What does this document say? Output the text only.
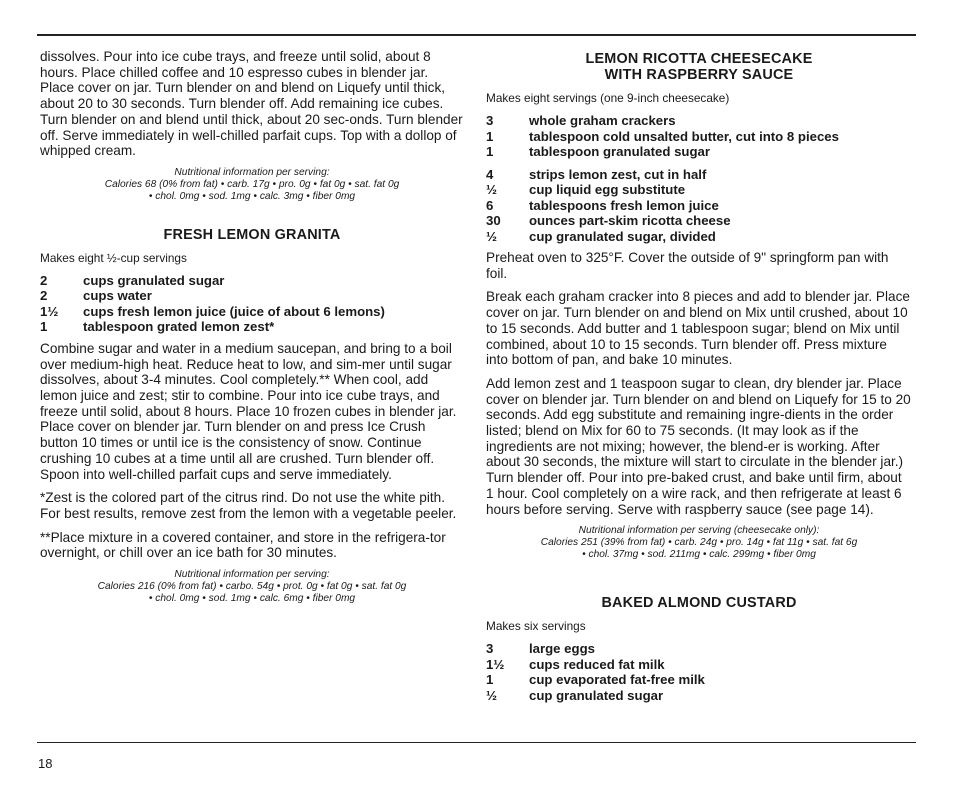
dissolves. Pour into ice cube trays, and freeze until solid, about 8 hours. Place chilled coffee and 10 espresso cubes in blender jar. Place cover on jar. Turn blender on and blend on Liquefy until thick, about 20 to 30 seconds. Turn blender off. Add remaining ice cubes. Turn blender on and blend until thick, about 20 sec-onds. Turn blender off. Serve immediately in well-chilled parfait cups. Top with a dollop of whipped cream.

Nutritional information per serving:
Calories 68 (0% from fat) • carb. 17g • pro. 0g • fat 0g • sat. fat 0g
• chol. 0mg • sod. 1mg • calc. 3mg • fiber 0mg
FRESH LEMON GRANITA
Makes eight ½-cup servings
2	cups granulated sugar
2	cups water
1½	cups fresh lemon juice (juice of about 6 lemons)
1	tablespoon grated lemon zest*

Combine sugar and water in a medium saucepan, and bring to a boil over medium-high heat. Reduce heat to low, and sim-mer until sugar dissolves, about 3-4 minutes. Cool completely.** When cool, add lemon juice and zest; stir to combine. Pour into ice cube trays, and freeze until solid, about 8 hours. Place 10 frozen cubes in blender jar. Place cover on blender jar. Turn blender on and press Ice Crush button 10 times or until ice is the consistency of snow. Continue crushing 10 cubes at a time until all are crushed. Turn blender off. Spoon into well-chilled parfait cups and serve immediately.

*Zest is the colored part of the citrus rind. Do not use the white pith. For best results, remove zest from the lemon with a vegetable peeler.

**Place mixture in a covered container, and store in the refrigera-tor overnight, or chill over an ice bath for 30 minutes.

Nutritional information per serving:
Calories 216 (0% from fat) • carbo. 54g • prot. 0g • fat 0g • sat. fat 0g
• chol. 0mg • sod. 1mg • calc. 6mg • fiber 0mg
LEMON RICOTTA CHEESECAKE
WITH RASPBERRY SAUCE
Makes eight servings (one 9-inch cheesecake)
3	whole graham crackers
1	tablespoon cold unsalted butter, cut into 8 pieces
1	tablespoon granulated sugar
4	strips lemon zest, cut in half
½	cup liquid egg substitute
6	tablespoons fresh lemon juice
30	ounces part-skim ricotta cheese
½	cup granulated sugar, divided

Preheat oven to 325°F. Cover the outside of 9" springform pan with foil.

Break each graham cracker into 8 pieces and add to blender jar. Place cover on jar. Turn blender on and blend on Mix until crushed, about 10 to 15 seconds. Add butter and 1 tablespoon sugar; blend on Mix until combined, about 10 to 15 seconds. Turn blender off. Press mixture into bottom of pan, and bake 10 minutes.

Add lemon zest and 1 teaspoon sugar to clean, dry blender jar. Place cover on blender jar. Turn blender on and blend on Liquefy for 15 to 20 seconds. Add egg substitute and remaining ingre-dients in the order listed; blend on Mix for 60 to 75 seconds. (It may look as if the ingredients are not mixing; however, the blend-er is working. After about 30 seconds, the mixture will start to circulate in the blender jar.) Turn blender off. Pour into pre-baked crust, and bake until firm, about 1 hour. Cool completely on a wire rack, and then refrigerate at least 6 hours before serving. Serve with raspberry sauce (see page 14).

Nutritional information per serving (cheesecake only):
Calories 251 (39% from fat) • carb. 24g • pro. 14g • fat 11g • sat. fat 6g
• chol. 37mg • sod. 211mg • calc. 299mg • fiber 0mg
BAKED ALMOND CUSTARD
Makes six servings
3	large eggs
1½	cups reduced fat milk
1	cup evaporated fat-free milk
½	cup granulated sugar
18
